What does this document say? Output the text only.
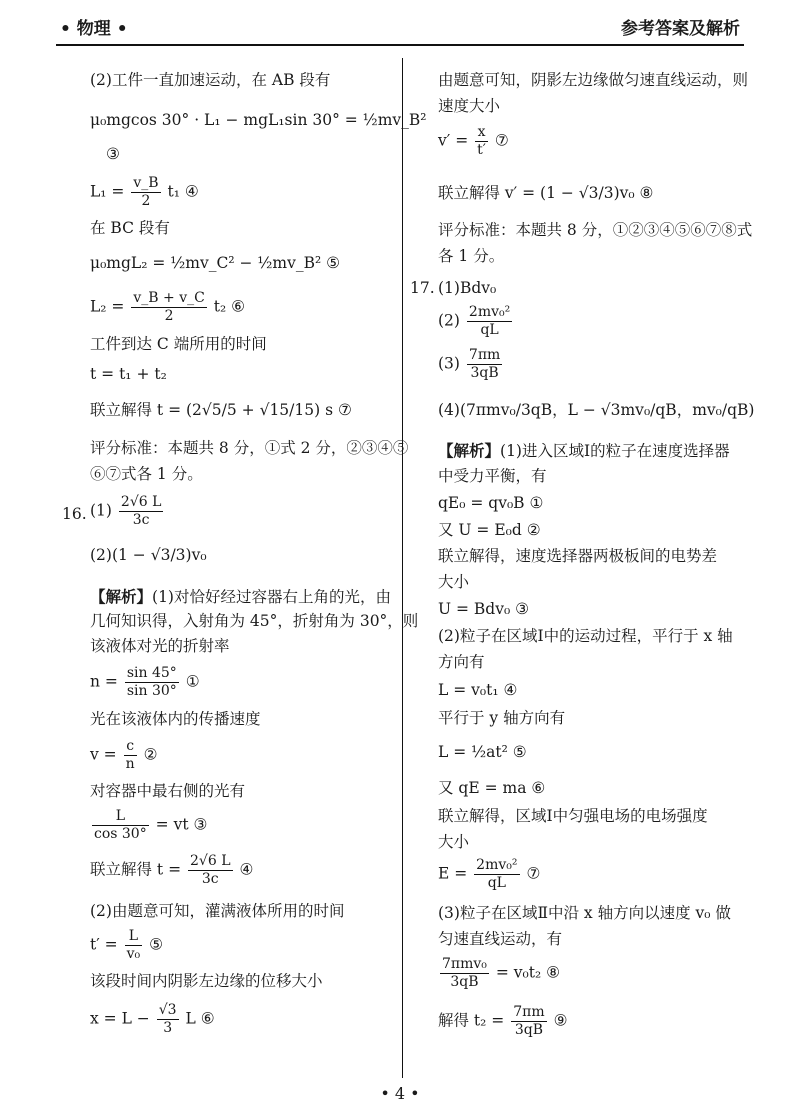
• 物理 •	参考答案及解析
(2)工件一直加速运动，在 AB 段有
μ₀mgcos 30° · L₁ − mgL₁sin 30° = ½mv_B²
③
$L_1 = \frac{v\_B}{2} t_1$ ④
在 BC 段有
μ₀mgL₂ = ½mv_C² − ½mv_B² ⑤
$L_2 = \frac{v\_B + v\_C}{2} t_2$ ⑥
工件到达 C 端所用的时间
t = t₁ + t₂
联立解得 t = (2√5/5 + √15/15) s ⑦
评分标准：本题共 8 分，①式 2 分，②③④⑤
⑥⑦式各 1 分。
16. $(1) \frac{2√6 L}{3c}$
(2)(1 − √3/3)v₀
【解析】(1)对恰好经过容器右上角的光，由
几何知识得，入射角为 45°，折射角为 30°，则
该液体对光的折射率
$n = \frac{\sin 45^\circ}{\sin 30^\circ}$ ①
光在该液体内的传播速度
$v = \frac{c}{n}$ ②
对容器中最右侧的光有
$\frac{L}{\cos 30^\circ}$ = vt ③
联立解得 $t = \frac{2√6 L}{3c}$ ④
(2)由题意可知，灌满液体所用的时间
$t' = \frac{L}{\text{v₀}}$ ⑤
该段时间内阴影左边缘的位移大小
$x = L - \frac{√3}{3}$ L ⑥
由题意可知，阴影左边缘做匀速直线运动，则
速度大小
$v' = \frac{x}{t'}$ ⑦
联立解得 v′ = (1 − √3/3)v₀ ⑧
评分标准：本题共 8 分，①②③④⑤⑥⑦⑧式
各 1 分。
17. (1)Bdv₀
$(2) \frac{\text{2mv₀²}}{qL}$
$(3) \frac{7\pi m}{3qB}$
(4)(7πmv₀/3qB，L − √3mv₀/qB，mv₀/qB)
【解析】(1)进入区域Ⅰ的粒子在速度选择器
中受力平衡，有
qE₀ = qv₀B ①
又 U = E₀d ②
联立解得，速度选择器两极板间的电势差
大小
U = Bdv₀ ③
(2)粒子在区域Ⅰ中的运动过程，平行于 x 轴
方向有
L = v₀t₁ ④
平行于 y 轴方向有
L = ½at² ⑤
又 qE = ma ⑥
联立解得，区域Ⅰ中匀强电场的电场强度
大小
$E = \frac{\text{2mv₀²}}{qL}$ ⑦
(3)粒子在区域Ⅱ中沿 x 轴方向以速度 v₀ 做
匀速直线运动，有
7πmv₀
3qB
= v₀t₂ ⑧
解得 $t_2 = \frac{7\pi m}{3qB}$ ⑨
• 4 •
